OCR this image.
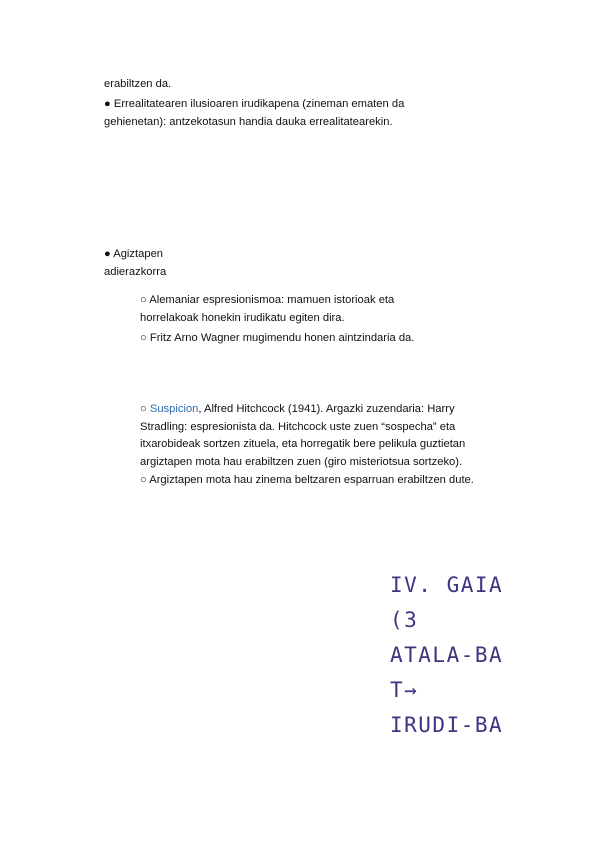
erabiltzen da.
● Errealitatearen ilusioaren irudikapena (zineman ematen da gehienetan): antzekotasun handia dauka errealitatearekin.
● Agiztapen adierazkorra
○ Alemaniar espresionismoa: mamuen istorioak eta horrelakoak honekin irudikatu egiten dira.
○ Fritz Arno Wagner mugimendu honen aintzindaria da.
○ Suspicion, Alfred Hitchcock (1941). Argazki zuzendaria: Harry Stradling: espresionista da. Hitchcock uste zuen “sospecha” eta itxarobideak sortzen zituela, eta horregatik bere pelikula guztietan argiztapen mota hau erabiltzen zuen (giro misteriotsua sortzeko).
○ Argiztapen mota hau zinema beltzaren esparruan erabiltzen dute.
IV. GAIA
(3
ATALA-BA
T→
IRUDI-BA
